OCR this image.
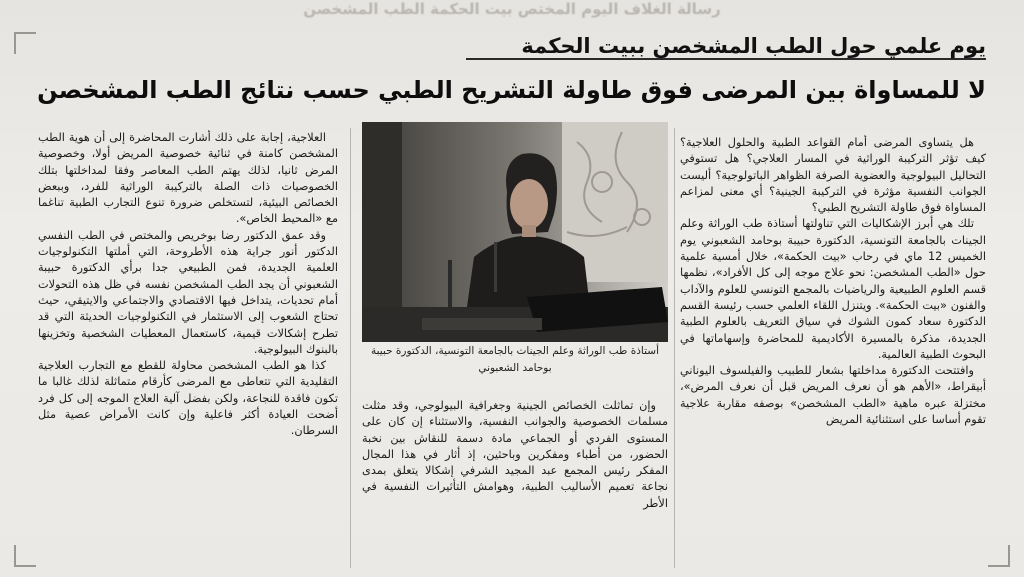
رسالة الغلاف اليوم المختص بيت الحكمة الطب المشخصن
يوم علمي حول الطب المشخصن ببيت الحكمة
لا للمساواة بين المرضى فوق طاولة التشريح الطبي حسب نتائج الطب المشخصن

هل يتساوى المرضى أمام القواعد الطبية والحلول العلاجية؟ كيف تؤثر التركيبة الوراثية في المسار العلاجي؟ هل تستوفي التحاليل البيولوجية والعضوية الصرفة الظواهر الباتولوجية؟ أليست الجوانب النفسية مؤثرة في التركيبة الجينية؟ أي معنى لمزاعم المساواة فوق طاولة التشريح الطبي؟

تلك هي أبرز الإشكاليات التي تناولتها أستاذة طب الوراثة وعلم الجينات بالجامعة التونسية، الدكتورة حبيبة بوحامد الشعبوني يوم الخميس 12 ماي في رحاب «بيت الحكمة»، خلال أمسية علمية حول «الطب المشخصن: نحو علاج موجه إلى كل الأفراد»، نظمها قسم العلوم الطبيعية والرياضيات بالمجمع التونسي للعلوم والآداب والفنون «بيت الحكمة». ويتنزل اللقاء العلمي حسب رئيسة القسم الدكتورة سعاد كمون الشوك في سياق التعريف بالعلوم الطبية الجديدة، مذكرة بالمسيرة الأكاديمية للمحاضرة وإسهاماتها في البحوث الطبية العالمية.

وافتتحت الدكتورة مداخلتها بشعار للطبيب والفيلسوف اليوناني أبيقراط، «الأهم هو أن نعرف المريض قبل أن نعرف المرض»، مختزلة عبره ماهية «الطب المشخصن» بوصفه مقاربة علاجية تقوم أساسا على استثنائية المريض

أستاذة طب الوراثة وعلم الجينات بالجامعة التونسية، الدكتورة حبيبة بوحامد الشعبوني

وإن تماثلت الخصائص الجينية وجغرافية البيولوجي، وقد مثلت مسلمات الخصوصية والجوانب النفسية، والاستثناء إن كان على المستوى الفردي أو الجماعي مادة دسمة للنقاش بين نخبة الحضور، من أطباء ومفكرين وباحثين، إذ أثار في هذا المجال المفكر رئيس المجمع عبد المجيد الشرفي إشكالا يتعلق بمدى نجاعة تعميم الأساليب الطبية، وهوامش التأثيرات النفسية في الأطر

العلاجية، إجابة على ذلك أشارت المحاضرة إلى أن هوية الطب المشخصن كامنة في ثنائية خصوصية المريض أولا، وخصوصية المرض ثانيا، لذلك يهتم الطب المعاصر وفقا لمداخلتها بتلك الخصوصيات ذات الصلة بالتركيبة الوراثية للفرد، وببعض الخصائص البيئية، لتستخلص ضرورة تنوع التجارب الطبية تناغما مع «المحيط الخاص».

وقد عمق الدكتور رضا بوخريص والمختص في الطب النفسي الدكتور أنور جراية هذه الأطروحة، التي أملتها التكنولوجيات العلمية الجديدة، فمن الطبيعي جدا برأي الدكتورة حبيبة الشعبوني أن يجد الطب المشخصن نفسه في ظل هذه التحولات أمام تحديات، يتداخل فيها الاقتصادي والاجتماعي والايتيقي، حيث تحتاج الشعوب إلى الاستثمار في التكنولوجيات الحديثة التي قد تطرح إشكالات قيمية، كاستعمال المعطيات الشخصية وتخزينها بالبنوك البيولوجية.

كذا هو الطب المشخصن محاولة للقطع مع التجارب العلاجية التقليدية التي تتعاطى مع المرضى كأرقام متماثلة لذلك غالبا ما تكون فاقدة للنجاعة، ولكن بفضل آلية العلاج الموجه إلى كل فرد أضحت العيادة أكثر فاعلية وإن كانت الأمراض عصية مثل السرطان.
